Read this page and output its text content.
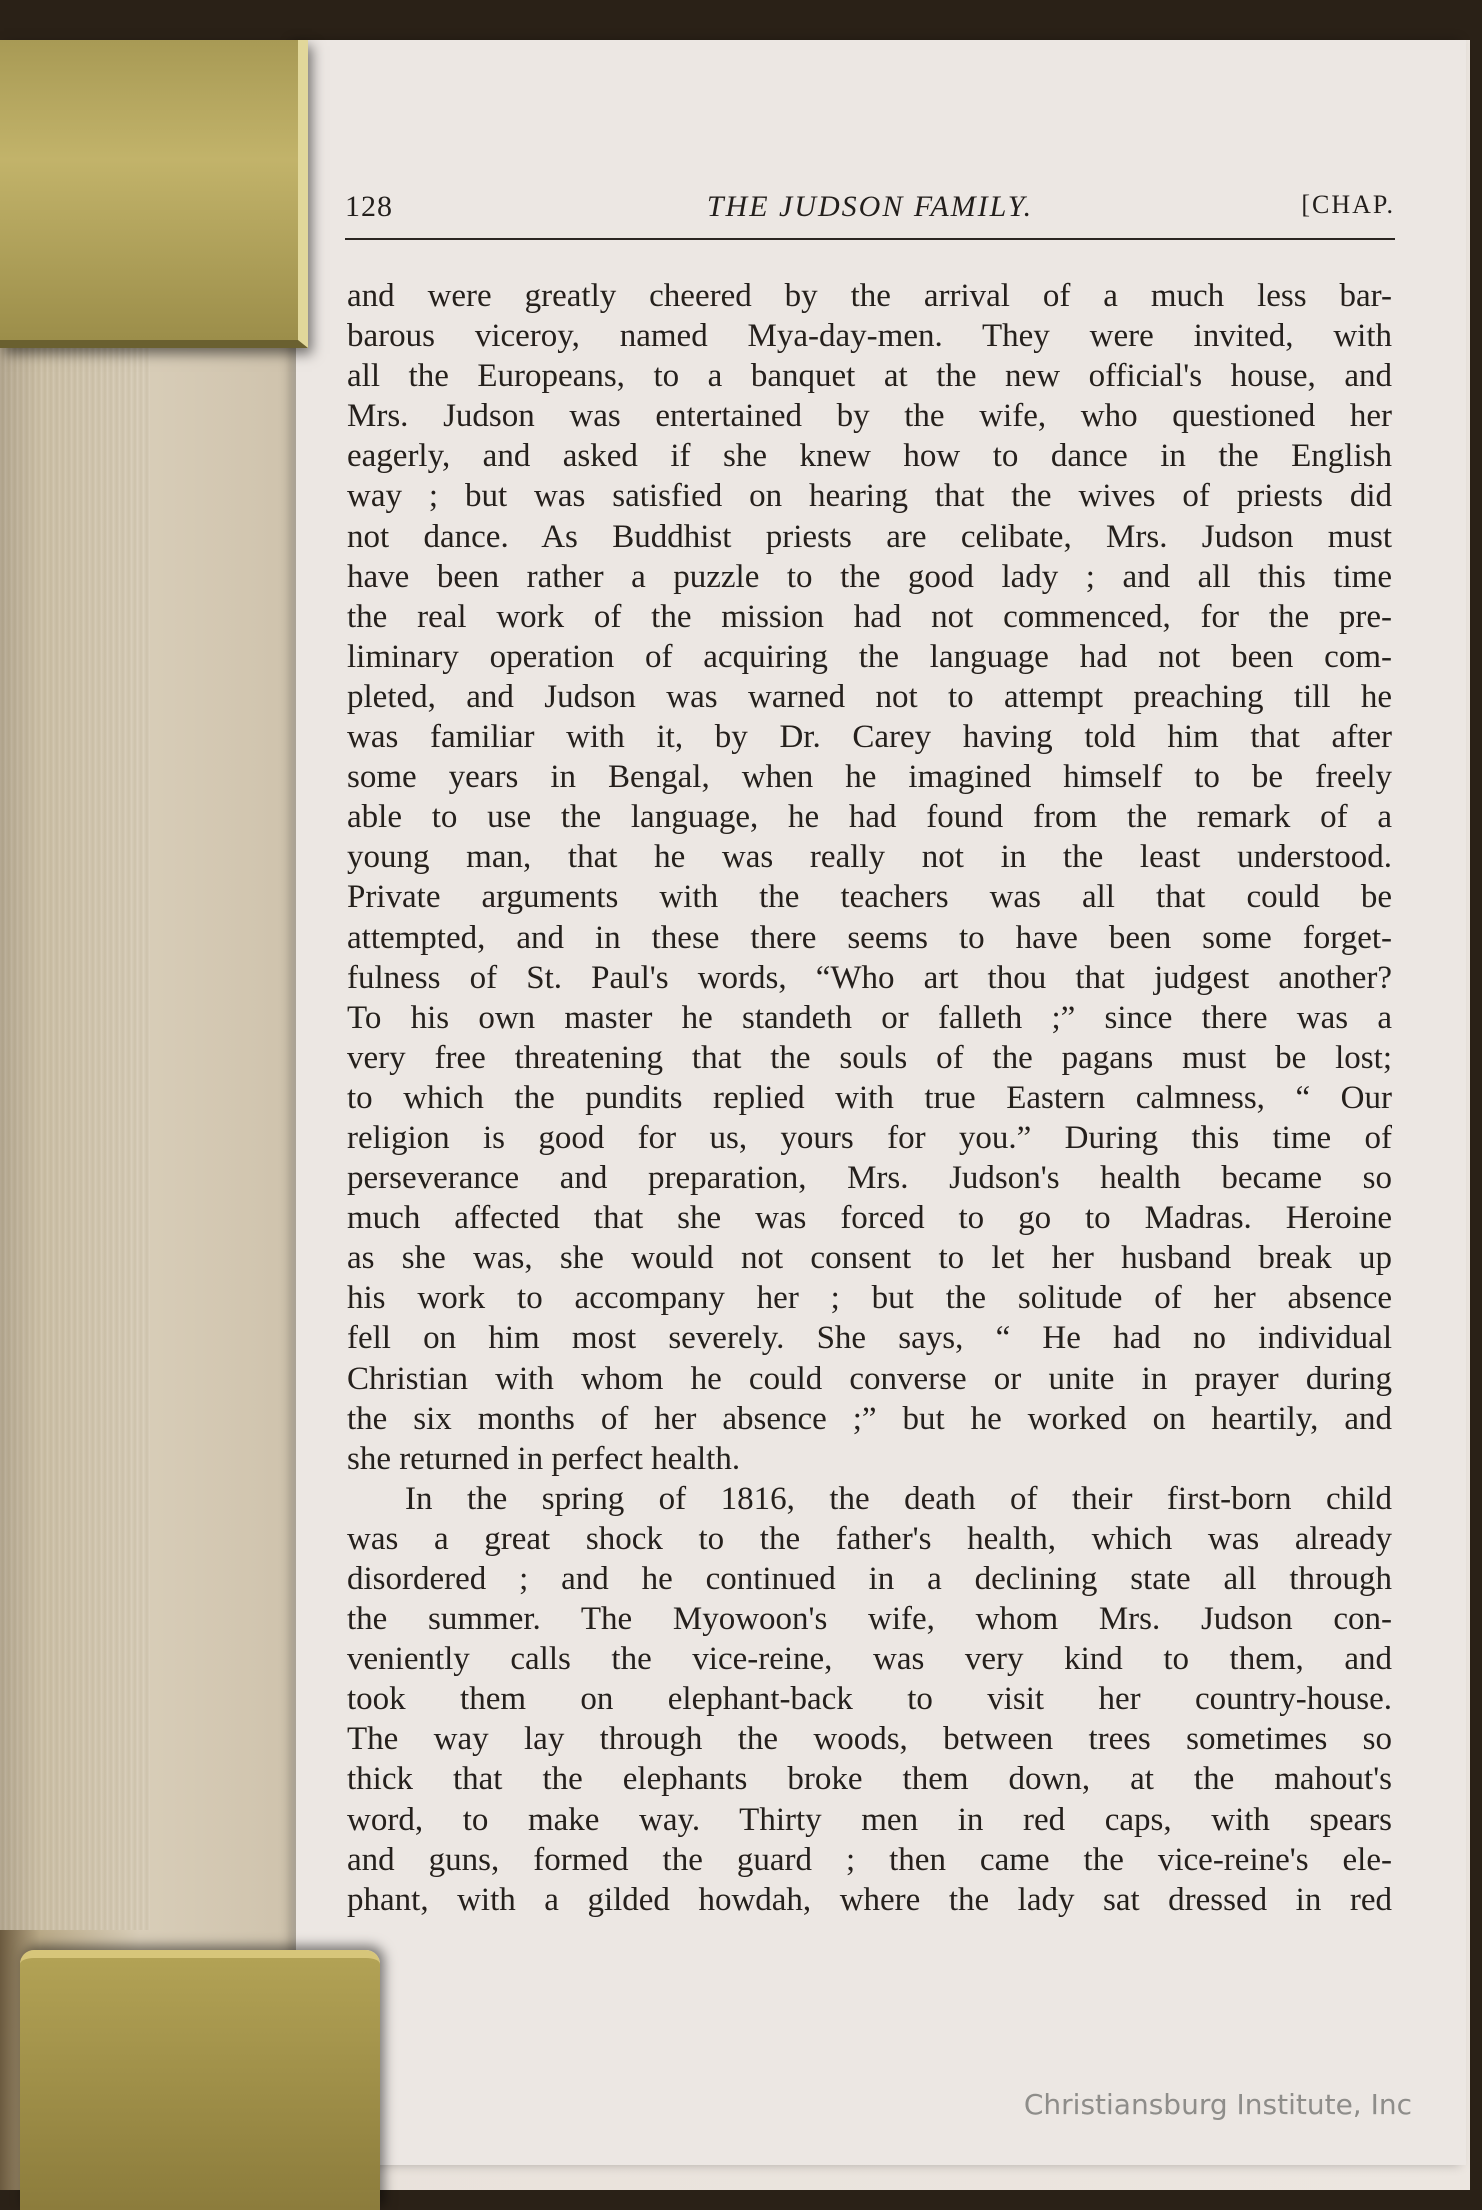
128	THE JUDSON FAMILY.	[CHAP.
and were greatly cheered by the arrival of a much less bar-
barous viceroy, named Mya-day-men. They were invited, with
all the Europeans, to a banquet at the new official's house, and
Mrs. Judson was entertained by the wife, who questioned her
eagerly, and asked if she knew how to dance in the English
way ; but was satisfied on hearing that the wives of priests did
not dance. As Buddhist priests are celibate, Mrs. Judson must
have been rather a puzzle to the good lady ; and all this time
the real work of the mission had not commenced, for the pre-
liminary operation of acquiring the language had not been com-
pleted, and Judson was warned not to attempt preaching till he
was familiar with it, by Dr. Carey having told him that after
some years in Bengal, when he imagined himself to be freely
able to use the language, he had found from the remark of a
young man, that he was really not in the least understood.
Private arguments with the teachers was all that could be
attempted, and in these there seems to have been some forget-
fulness of St. Paul's words, “Who art thou that judgest another?
To his own master he standeth or falleth ;” since there was a
very free threatening that the souls of the pagans must be lost;
to which the pundits replied with true Eastern calmness, “ Our
religion is good for us, yours for you.” During this time of
perseverance and preparation, Mrs. Judson's health became so
much affected that she was forced to go to Madras. Heroine
as she was, she would not consent to let her husband break up
his work to accompany her ; but the solitude of her absence
fell on him most severely. She says, “ He had no individual
Christian with whom he could converse or unite in prayer during
the six months of her absence ;” but he worked on heartily, and
she returned in perfect health.
In the spring of 1816, the death of their first-born child
was a great shock to the father's health, which was already
disordered ; and he continued in a declining state all through
the summer. The Myowoon's wife, whom Mrs. Judson con-
veniently calls the vice-reine, was very kind to them, and
took them on elephant-back to visit her country-house.
The way lay through the woods, between trees sometimes so
thick that the elephants broke them down, at the mahout's
word, to make way. Thirty men in red caps, with spears
and guns, formed the guard ; then came the vice-reine's ele-
phant, with a gilded howdah, where the lady sat dressed in red
Christiansburg Institute, Inc
